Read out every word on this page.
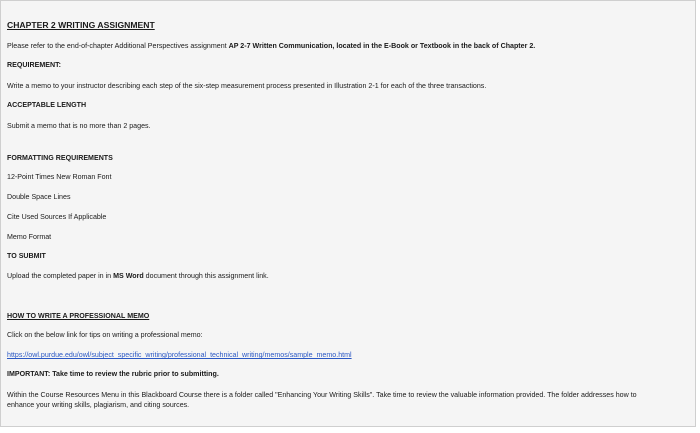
CHAPTER 2 WRITING ASSIGNMENT
Please refer to the end-of-chapter Additional Perspectives assignment AP 2-7 Written Communication, located in the E-Book or Textbook in the back of Chapter 2.
REQUIREMENT:
Write a memo to your instructor describing each step of the six-step measurement process presented in Illustration 2-1 for each of the three transactions.
ACCEPTABLE LENGTH
Submit a memo that is no more than 2 pages.
FORMATTING REQUIREMENTS
12-Point Times New Roman Font
Double Space Lines
Cite Used Sources If Applicable
Memo Format
TO SUBMIT
Upload the completed paper in in MS Word document through this assignment link.
HOW TO WRITE A PROFESSIONAL MEMO
Click on the below link for tips on writing a professional memo:
https://owl.purdue.edu/owl/subject_specific_writing/professional_technical_writing/memos/sample_memo.html
IMPORTANT: Take time to review the rubric prior to submitting.
Within the Course Resources Menu in this Blackboard Course there is a folder called "Enhancing Your Writing Skills". Take time to review the valuable information provided. The folder addresses how to enhance your writing skills, plagiarism, and citing sources.
